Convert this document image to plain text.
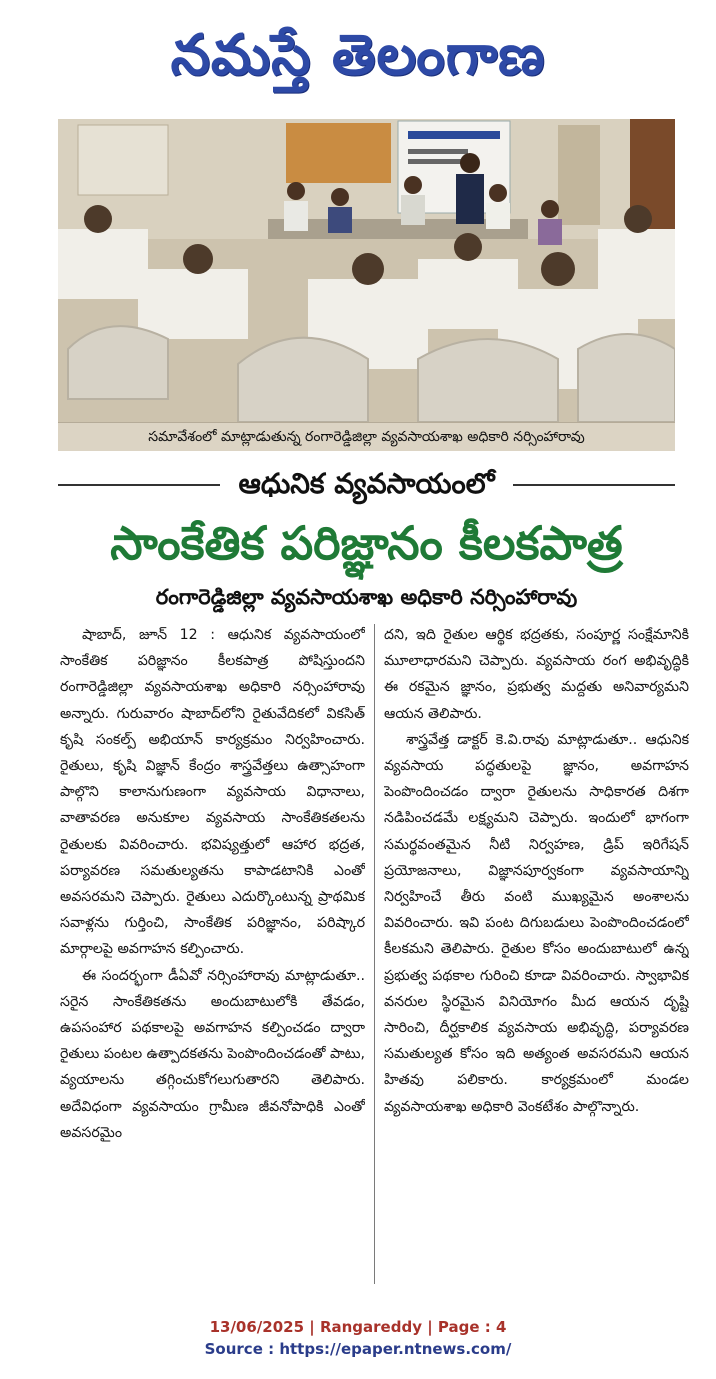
నమస్తే తెలంగాణ
సమావేశంలో మాట్లాడుతున్న రంగారెడ్డిజిల్లా వ్యవసాయశాఖ అధికారి నర్సింహారావు
ఆధునిక వ్యవసాయంలో
సాంకేతిక పరిజ్ఞానం కీలకపాత్ర
రంగారెడ్డిజిల్లా వ్యవసాయశాఖ అధికారి నర్సింహారావు

షాబాద్, జూన్ 12 : ఆధునిక వ్యవసాయంలో సాంకేతిక పరిజ్ఞానం కీలకపాత్ర పోషిస్తుందని రంగారెడ్డిజిల్లా వ్యవసాయశాఖ అధికారి నర్సింహారావు అన్నారు. గురువారం షాబాద్‌లోని రైతువేదికలో వికసిత్ కృషి సంకల్ప్ అభియాన్ కార్యక్రమం నిర్వహించారు. రైతులు, కృషి విజ్ఞాన్ కేంద్రం శాస్త్రవేత్తలు ఉత్సాహంగా పాల్గొని కాలానుగుణంగా వ్యవసాయ విధానాలు, వాతావరణ అనుకూల వ్యవసాయ సాంకేతికతలను రైతులకు వివరించారు. భవిష్యత్తులో ఆహార భద్రత, పర్యావరణ సమతుల్యతను కాపాడటానికి ఎంతో అవసరమని చెప్పారు. రైతులు ఎదుర్కొంటున్న ప్రాథమిక సవాళ్లను గుర్తించి, సాంకేతిక పరిజ్ఞానం, పరిష్కార మార్గాలపై అవగాహన కల్పించారు.

ఈ సందర్భంగా డీఏవో నర్సింహారావు మాట్లాడుతూ.. సరైన సాంకేతికతను అందుబాటులోకి తేవడం, ఉపసంహార పథకాలపై అవగాహన కల్పించడం ద్వారా రైతులు పంటల ఉత్పాదకతను పెంపొందించడంతో పాటు, వ్యయాలను తగ్గించుకోగలుగుతారని తెలిపారు. అదేవిధంగా వ్యవసాయం గ్రామీణ జీవనోపాధికి ఎంతో అవసరమైం

దని, ఇది రైతుల ఆర్థిక భద్రతకు, సంపూర్ణ సంక్షేమానికి మూలాధారమని చెప్పారు. వ్యవసాయ రంగ అభివృద్ధికి ఈ రకమైన జ్ఞానం, ప్రభుత్వ మద్దతు అనివార్యమని ఆయన తెలిపారు.

శాస్త్రవేత్త డాక్టర్ కె.వి.రావు మాట్లాడుతూ.. ఆధునిక వ్యవసాయ పద్ధతులపై జ్ఞానం, అవగాహన పెంపొందించడం ద్వారా రైతులను సాధికారత దిశగా నడిపించడమే లక్ష్యమని చెప్పారు. ఇందులో భాగంగా సమర్థవంతమైన నీటి నిర్వహణ, డ్రిప్ ఇరిగేషన్ ప్రయోజనాలు, విజ్ఞానపూర్వకంగా వ్యవసాయాన్ని నిర్వహించే తీరు వంటి ముఖ్యమైన అంశాలను వివరించారు. ఇవి పంట దిగుబడులు పెంపొందించడంలో కీలకమని తెలిపారు. రైతుల కోసం అందుబాటులో ఉన్న ప్రభుత్వ పథకాల గురించి కూడా వివరించారు. స్వాభావిక వనరుల స్థిరమైన వినియోగం మీద ఆయన దృష్టి సారించి, దీర్ఘకాలిక వ్యవసాయ అభివృద్ధి, పర్యావరణ సమతుల్యత కోసం ఇది అత్యంత అవసరమని ఆయన హితవు పలికారు. కార్యక్రమంలో మండల వ్యవసాయశాఖ అధికారి వెంకటేశం పాల్గొన్నారు.

13/06/2025 | Rangareddy | Page : 4
Source : https://epaper.ntnews.com/
